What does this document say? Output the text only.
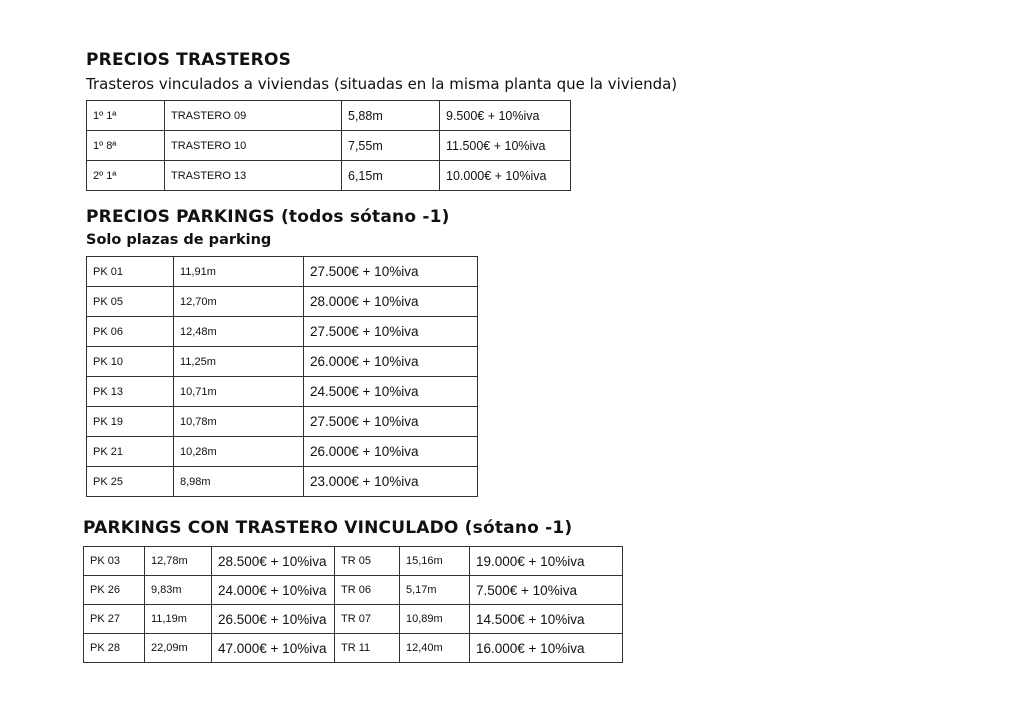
PRECIOS TRASTEROS
Trasteros vinculados a viviendas (situadas en la misma planta que la vivienda)
1º 1ª	TRASTERO 09	5,88m	9.500€ + 10%iva
1º 8ª	TRASTERO 10	7,55m	11.500€ + 10%iva
2º 1ª	TRASTERO 13	6,15m	10.000€ + 10%iva
PRECIOS PARKINGS (todos sótano -1)
Solo plazas de parking
PK 01	11,91m	27.500€ + 10%iva
PK 05	12,70m	28.000€ + 10%iva
PK 06	12,48m	27.500€ + 10%iva
PK 10	11,25m	26.000€ + 10%iva
PK 13	10,71m	24.500€ + 10%iva
PK 19	10,78m	27.500€ + 10%iva
PK 21	10,28m	26.000€ + 10%iva
PK 25	8,98m	23.000€ + 10%iva
PARKINGS CON TRASTERO VINCULADO (sótano -1)
PK 03	12,78m	28.500€ + 10%iva	TR 05	15,16m	19.000€ + 10%iva
PK 26	9,83m	24.000€ + 10%iva	TR 06	5,17m	7.500€ + 10%iva
PK 27	11,19m	26.500€ + 10%iva	TR 07	10,89m	14.500€ + 10%iva
PK 28	22,09m	47.000€ + 10%iva	TR 11	12,40m	16.000€ + 10%iva
